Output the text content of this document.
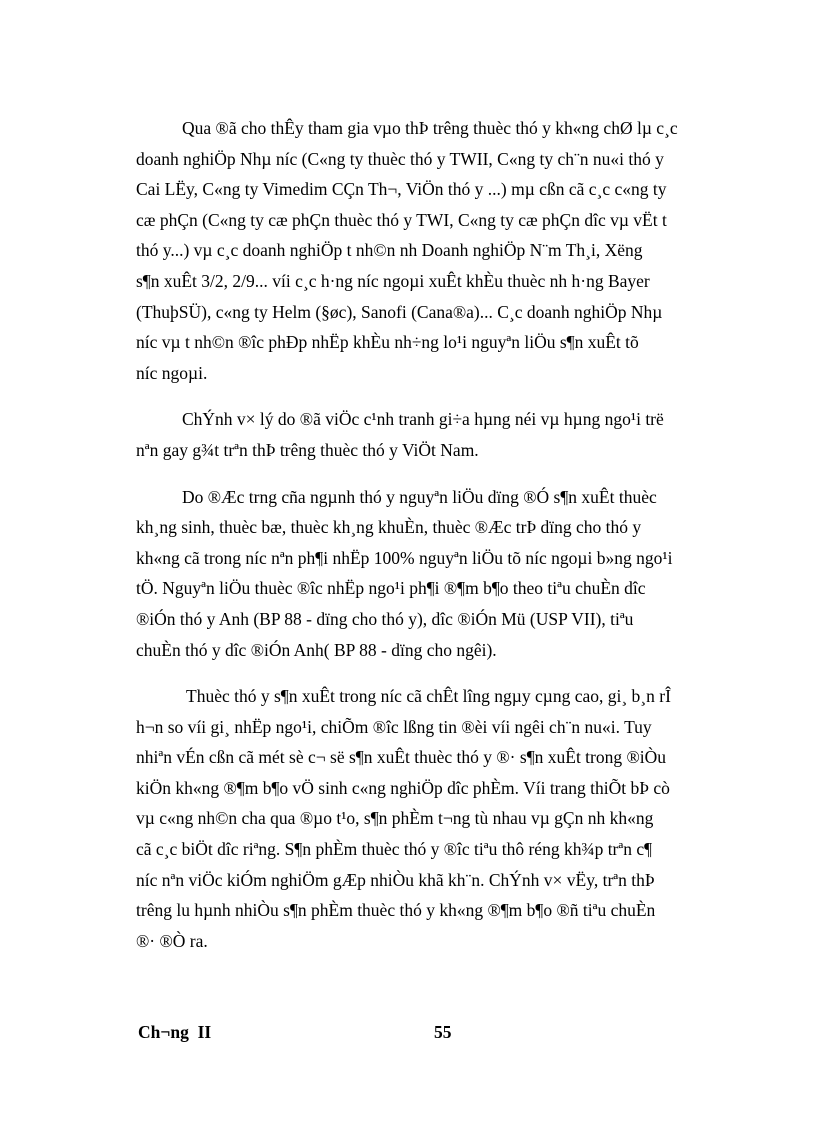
Qua ®ã cho thÊy tham gia vµo thÞ trêng thuèc thó y kh«ng chØ lµ c¸c
doanh nghiÖp Nhµ níc (C«ng ty thuèc thó y TWII, C«ng ty ch¨n nu«i thó y
Cai LËy, C«ng ty Vimedim CÇn Th¬, ViÖn thó y ...) mµ cßn cã c¸c c«ng ty
cæ phÇn (C«ng ty cæ phÇn thuèc thó y TWI, C«ng ty cæ phÇn dîc vµ vËt t
thó y...) vµ c¸c doanh nghiÖp t nh©n nh Doanh nghiÖp N¨m Th¸i, Xëng
s¶n xuÊt 3/2, 2/9... víi c¸c h·ng níc ngoµi xuÊt khÈu thuèc nh h·ng Bayer
(ThuþSÜ), c«ng ty Helm (§øc), Sanofi (Cana®a)... C¸c doanh nghiÖp Nhµ
níc vµ t nh©n ®îc phÐp nhËp khÈu nh÷ng lo¹i nguyªn liÖu s¶n xuÊt tõ
níc ngoµi.
ChÝnh v× lý do ®ã viÖc c¹nh tranh gi÷a hµng néi vµ hµng ngo¹i trë
nªn gay g¾t trªn thÞ trêng thuèc thó y ViÖt Nam.
Do ®Æc trng cña ngµnh thó y nguyªn liÖu dïng ®Ó s¶n xuÊt thuèc
kh¸ng sinh, thuèc bæ, thuèc kh¸ng khuÈn, thuèc ®Æc trÞ dïng cho thó y
kh«ng cã trong níc nªn ph¶i nhËp 100% nguyªn liÖu tõ níc ngoµi b»ng ngo¹i
tÖ. Nguyªn liÖu thuèc ®îc nhËp ngo¹i ph¶i ®¶m b¶o theo tiªu chuÈn dîc
®iÓn thó y Anh (BP 88 - dïng cho thó y), dîc ®iÓn Mü (USP VII), tiªu
chuÈn thó y dîc ®iÓn Anh( BP 88 - dïng cho ngêi).
Thuèc thó y s¶n xuÊt trong níc cã chÊt lîng ngµy cµng cao, gi¸ b¸n rÎ
h¬n so víi gi¸ nhËp ngo¹i, chiÕm ®îc lßng tin ®èi víi ngêi ch¨n nu«i. Tuy
nhiªn vÉn cßn cã mét sè c¬ së s¶n xuÊt thuèc thó y ®· s¶n xuÊt trong ®iÒu
kiÖn kh«ng ®¶m b¶o vÖ sinh c«ng nghiÖp dîc phÈm. Víi trang thiÕt bÞ cò
vµ c«ng nh©n cha qua ®µo t¹o, s¶n phÈm t¬ng tù nhau vµ gÇn nh kh«ng
cã c¸c biÖt dîc riªng. S¶n phÈm thuèc thó y ®îc tiªu thô réng kh¾p trªn c¶
níc nªn viÖc kiÓm nghiÖm gÆp nhiÒu khã kh¨n. ChÝnh v× vËy, trªn thÞ
trêng lu hµnh nhiÒu s¶n phÈm thuèc thó y kh«ng ®¶m b¶o ®ñ tiªu chuÈn
®· ®Ò ra.
Ch¬ng  II	55
